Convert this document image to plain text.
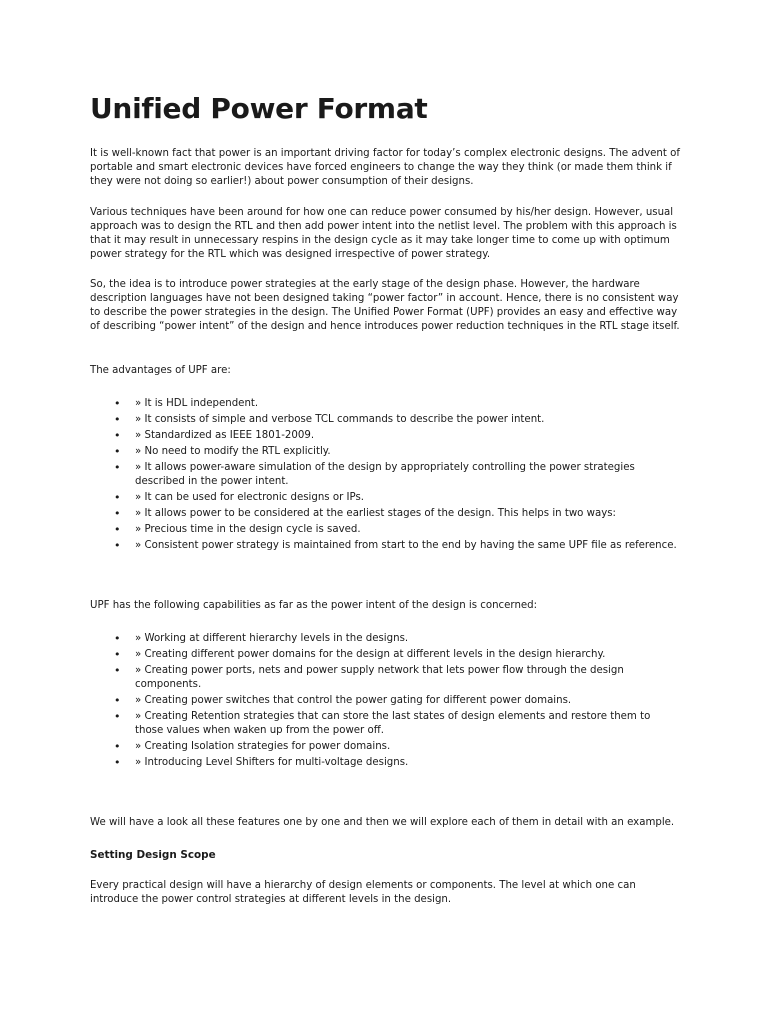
Unified Power Format

It is well-known fact that power is an important driving factor for today’s complex electronic designs. The advent of portable and smart electronic devices have forced engineers to change the way they think (or made them think if they were not doing so earlier!) about power consumption of their designs.

Various techniques have been around for how one can reduce power consumed by his/her design. However, usual approach was to design the RTL and then add power intent into the netlist level. The problem with this approach is that it may result in unnecessary respins in the design cycle as it may take longer time to come up with optimum power strategy for the RTL which was designed irrespective of power strategy.

So, the idea is to introduce power strategies at the early stage of the design phase. However, the hardware description languages have not been designed taking “power factor” in account. Hence, there is no consistent way to describe the power strategies in the design. The Unified Power Format (UPF) provides an easy and effective way of describing “power intent” of the design and hence introduces power reduction techniques in the RTL stage itself.

The advantages of UPF are:

• » It is HDL independent.
• » It consists of simple and verbose TCL commands to describe the power intent.
• » Standardized as IEEE 1801-2009.
• » No need to modify the RTL explicitly.
• » It allows power-aware simulation of the design by appropriately controlling the power strategies described in the power intent.
• » It can be used for electronic designs or IPs.
• » It allows power to be considered at the earliest stages of the design. This helps in two ways:
• » Precious time in the design cycle is saved.
• » Consistent power strategy is maintained from start to the end by having the same UPF file as reference.

UPF has the following capabilities as far as the power intent of the design is concerned:

• » Working at different hierarchy levels in the designs.
• » Creating different power domains for the design at different levels in the design hierarchy.
• » Creating power ports, nets and power supply network that lets power flow through the design components.
• » Creating power switches that control the power gating for different power domains.
• » Creating Retention strategies that can store the last states of design elements and restore them to those values when waken up from the power off.
• » Creating Isolation strategies for power domains.
• » Introducing Level Shifters for multi-voltage designs.

We will have a look all these features one by one and then we will explore each of them in detail with an example.

Setting Design Scope

Every practical design will have a hierarchy of design elements or components. The level at which one can introduce the power control strategies at different levels in the design.
